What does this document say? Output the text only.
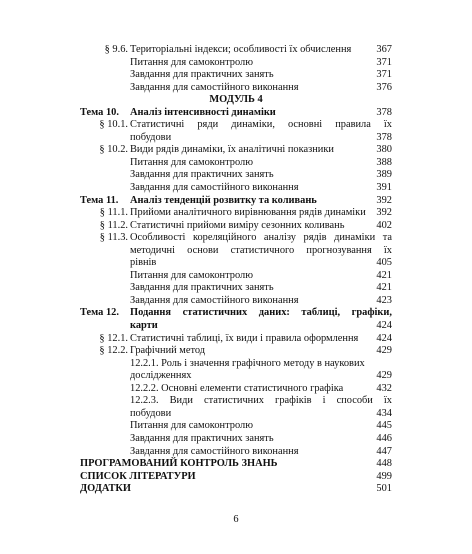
§ 9.6. Територіальні індекси; особливості їх обчислення 367
Питання для самоконтролю	371
Завдання для практичних занять	371
Завдання для самостійного виконання	376
МОДУЛЬ 4
Тема 10.	Аналіз інтенсивності динаміки	378
§ 10.1. Статистичні ряди динаміки, основні правила їх
побудови	378
§ 10.2. Види рядів динаміки, їх аналітичні показники	380
Питання для самоконтролю	388
Завдання для практичних занять	389
Завдання для самостійного виконання	391
Тема 11.	Аналіз тенденцій розвитку та коливань	392
§ 11.1. Прийоми аналітичного вирівнювання рядів динаміки 392
§ 11.2. Статистичні прийоми виміру сезонних коливань	402
§ 11.3. Особливості кореляційного аналізу рядів динаміки та
методичні основи статистичного прогнозування їх
рівнів	405
Питання для самоконтролю	421
Завдання для практичних занять	421
Завдання для самостійного виконання	423
Тема 12.	Подання статистичних даних: таблиці, графіки,
карти	424
§ 12.1. Статистичні таблиці, їх види і правила оформлення 424
§ 12.2. Графічний метод	429
12.2.1. Роль і значення графічного методу в наукових
дослідженнях	429
12.2.2. Основні елементи статистичного графіка	432
12.2.3. Види статистичних графіків і способи їх
побудови	434
Питання для самоконтролю	445
Завдання для практичних занять	446
Завдання для самостійного виконання	447
ПРОГРАМОВАНИЙ КОНТРОЛЬ ЗНАНЬ	448
СПИСОК ЛІТЕРАТУРИ	499
ДОДАТКИ	501
6
